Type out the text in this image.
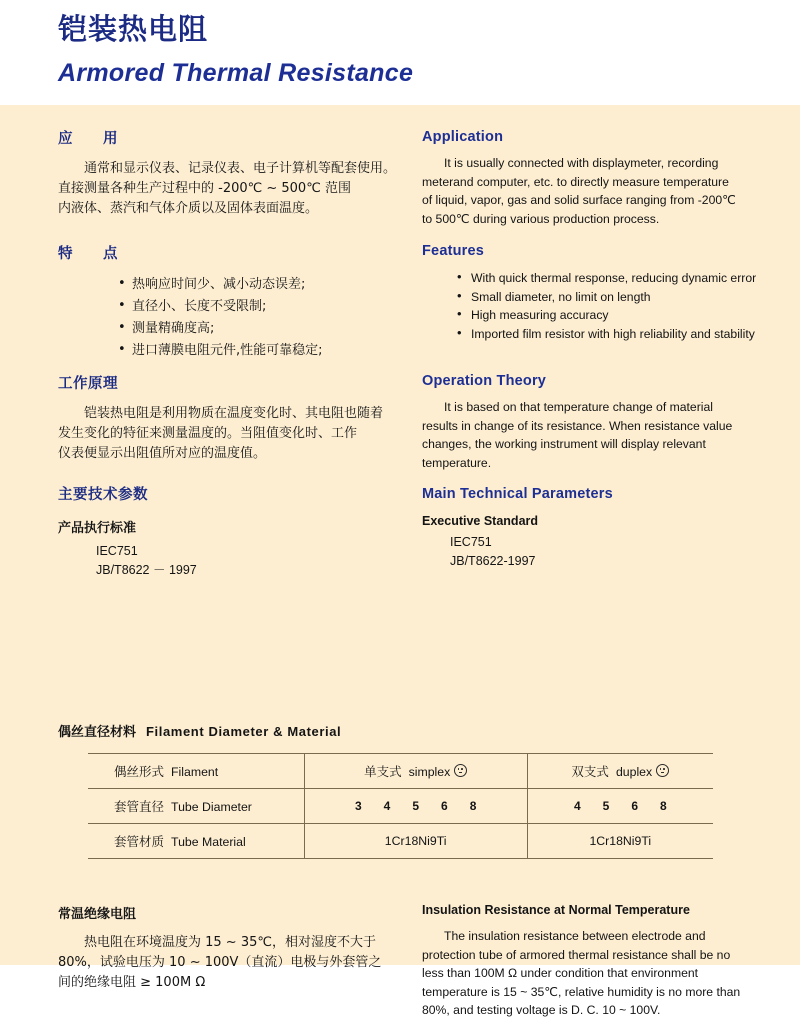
铠装热电阻
Armored Thermal Resistance
应　　用
通常和显示仪表、记录仪表、电子计算机等配套使用。
直接测量各种生产过程中的 -200℃ ~ 500℃ 范围
内液体、蒸汽和气体介质以及固体表面温度。
特　　点
• 热响应时间少、减小动态误差;
• 直径小、长度不受限制;
• 测量精确度高;
• 进口薄膜电阻元件,性能可靠稳定;
工作原理
铠装热电阻是利用物质在温度变化时、其电阻也随着
发生变化的特征来测量温度的。当阻值变化时、工作
仪表便显示出阻值所对应的温度值。
主要技术参数
产品执行标准
IEC751
JB/T8622 － 1997
Application
It is usually connected with displaymeter, recording
meterand computer, etc. to directly measure temperature
of liquid, vapor, gas and solid surface ranging from -200℃
to 500℃ during various production process.
Features
• With quick thermal response, reducing dynamic error
• Small diameter, no limit on length
• High measuring accuracy
• Imported film resistor with high reliability and stability
Operation Theory
It is based on that temperature change of material
results in change of its resistance. When resistance value
changes, the working instrument will display relevant
temperature.
Main Technical Parameters
Executive Standard
IEC751
JB/T8622-1997
偶丝直径材料 Filament Diameter & Material
偶丝形式 Filament	单支式 simplex	双支式 duplex

套管直径 Tube Diameter	3 4 5 6 8	4 5 6 8
套管材质 Tube Material	1Cr18Ni9Ti	1Cr18Ni9Ti
常温绝缘电阻
热电阻在环境温度为 15 ~ 35℃，相对湿度不大于
80%，试验电压为 10 ~ 100V（直流）电极与外套管之
间的绝缘电阻 ≥ 100M Ω
Insulation Resistance at Normal Temperature
The insulation resistance between electrode and
protection tube of armored thermal resistance shall be no
less than 100M Ω under condition that environment
temperature is 15 ~ 35℃, relative humidity is no more than
80%, and testing voltage is D. C. 10 ~ 100V.
